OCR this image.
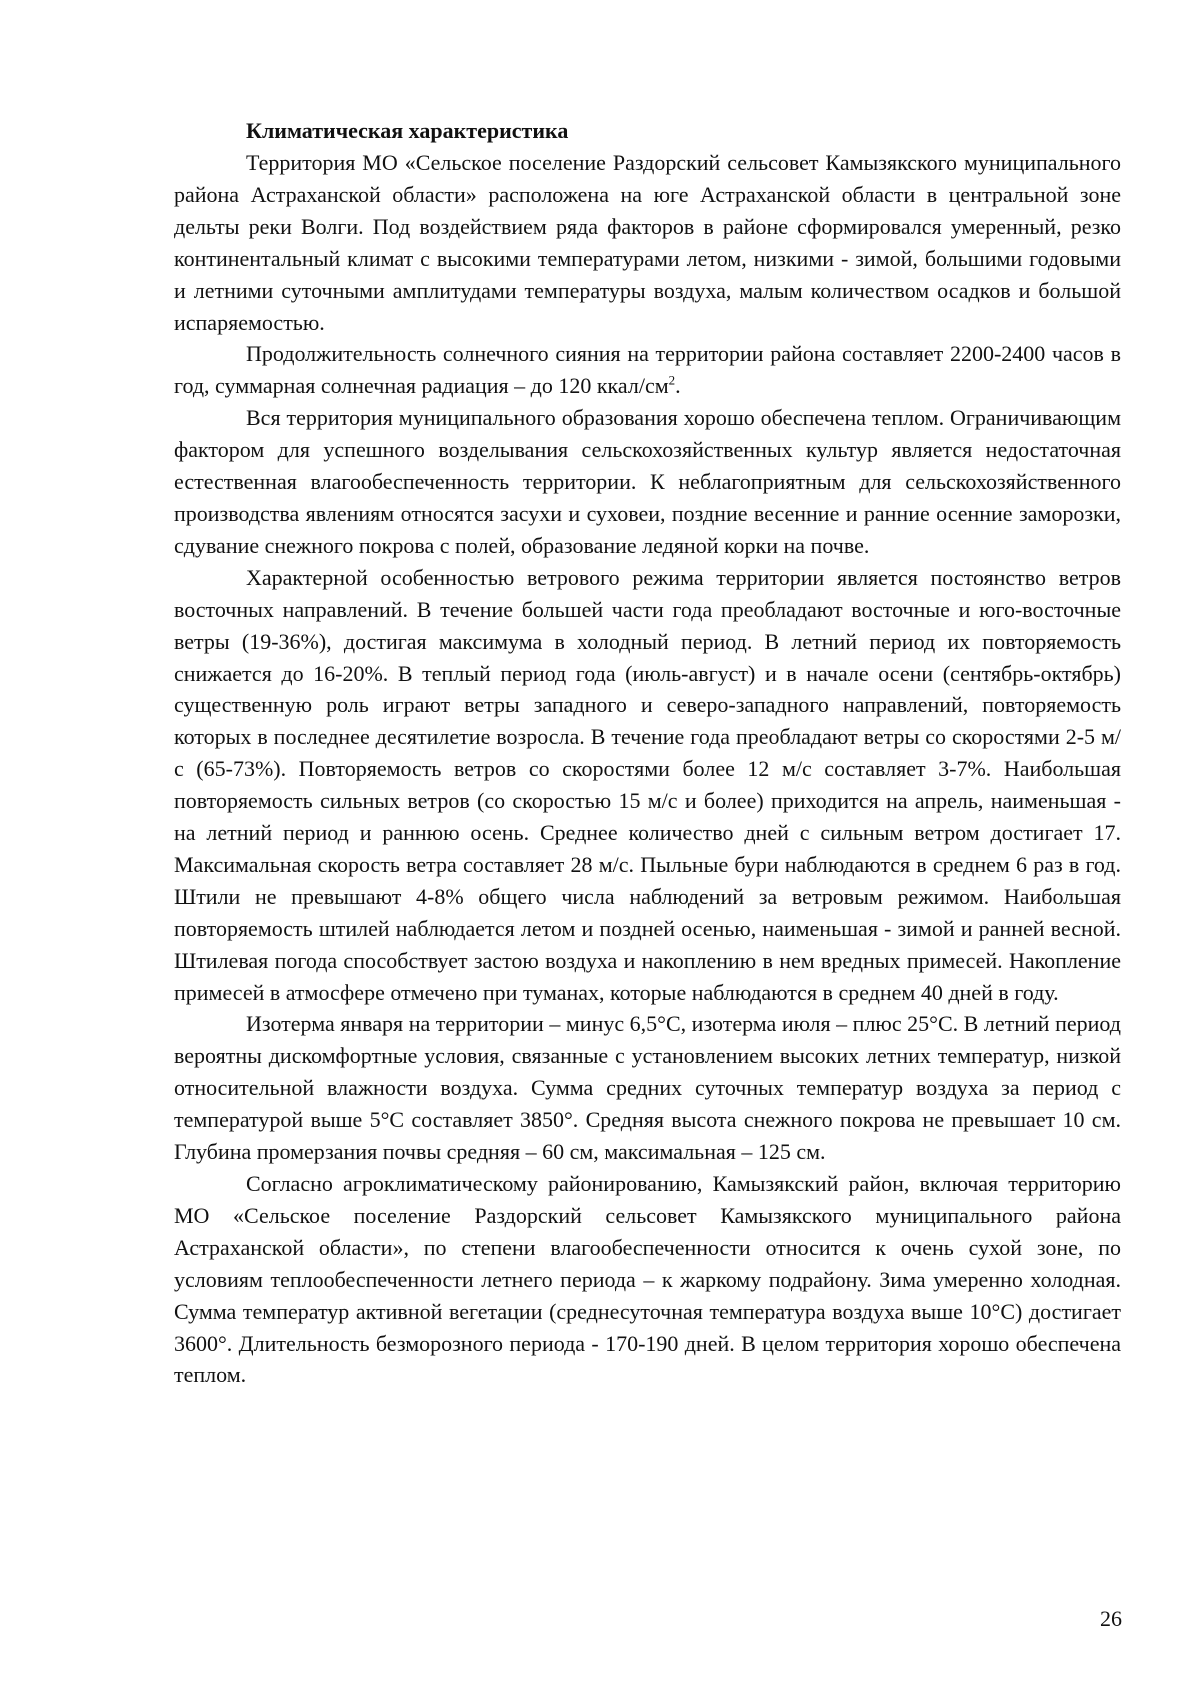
Климатическая характеристика

Территория МО «Сельское поселение Раздорский сельсовет Камызякского муниципального района Астраханской области» расположена на юге Астраханской области в центральной зоне дельты реки Волги. Под воздействием ряда факторов в районе сформировался умеренный, резко континентальный климат с высокими температурами летом, низкими - зимой, большими годовыми и летними суточными амплитудами температуры воздуха, малым количеством осадков и большой испаряемостью.

Продолжительность солнечного сияния на территории района составляет 2200-2400 часов в год, суммарная солнечная радиация – до 120 ккал/$см^2$.

Вся территория муниципального образования хорошо обеспечена теплом. Ограничивающим фактором для успешного возделывания сельскохозяйственных культур является недостаточная естественная влагообеспеченность территории. К неблагоприятным для сельскохозяйственного производства явлениям относятся засухи и суховеи, поздние весенние и ранние осенние заморозки, сдувание снежного покрова с полей, образование ледяной корки на почве.

Характерной особенностью ветрового режима территории является постоянство ветров восточных направлений. В течение большей части года преобладают восточные и юго-восточные ветры (19-36%), достигая максимума в холодный период. В летний период их повторяемость снижается до 16-20%. В теплый период года (июль-август) и в начале осени (сентябрь-октябрь) существенную роль играют ветры западного и северо-западного направлений, повторяемость которых в последнее десятилетие возросла. В течение года преобладают ветры со скоростями 2-5 м/с (65-73%). Повторяемость ветров со скоростями более 12 м/с составляет 3-7%. Наибольшая повторяемость сильных ветров (со скоростью 15 м/с и более) приходится на апрель, наименьшая - на летний период и раннюю осень. Среднее количество дней с сильным ветром достигает 17. Максимальная скорость ветра составляет 28 м/с. Пыльные бури наблюдаются в среднем 6 раз в год. Штили не превышают 4-8% общего числа наблюдений за ветровым режимом. Наибольшая повторяемость штилей наблюдается летом и поздней осенью, наименьшая - зимой и ранней весной. Штилевая погода способствует застою воздуха и накоплению в нем вредных примесей. Накопление примесей в атмосфере отмечено при туманах, которые наблюдаются в среднем 40 дней в году.

Изотерма января на территории – минус 6,5°С, изотерма июля – плюс 25°С. В летний период вероятны дискомфортные условия, связанные с установлением высоких летних температур, низкой относительной влажности воздуха. Сумма средних суточных температур воздуха за период с температурой выше 5°С составляет 3850°. Средняя высота снежного покрова не превышает 10 см. Глубина промерзания почвы средняя – 60 см, максимальная – 125 см.

Согласно агроклиматическому районированию, Камызякский район, включая территорию МО «Сельское поселение Раздорский сельсовет Камызякского муниципального района Астраханской области», по степени влагообеспеченности относится к очень сухой зоне, по условиям теплообеспеченности летнего периода – к жаркому подрайону. Зима умеренно холодная. Сумма температур активной вегетации (среднесуточная температура воздуха выше 10°С) достигает 3600°. Длительность безморозного периода - 170-190 дней. В целом территория хорошо обеспечена теплом.

26
